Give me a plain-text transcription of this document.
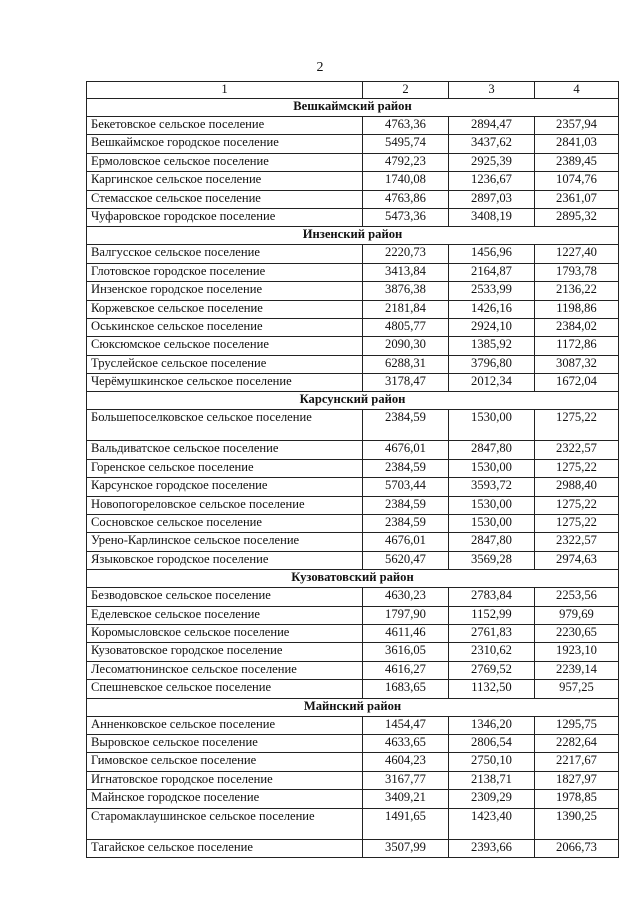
2
1	2	3	4
Вешкаймский район			
Бекетовское сельское поселение	4763,36	2894,47	2357,94
Вешкаймское городское поселение	5495,74	3437,62	2841,03
Ермоловское сельское поселение	4792,23	2925,39	2389,45
Каргинское сельское поселение	1740,08	1236,67	1074,76
Стемасское сельское поселение	4763,86	2897,03	2361,07
Чуфаровское городское поселение	5473,36	3408,19	2895,32
Инзенский район			
Валгусское сельское поселение	2220,73	1456,96	1227,40
Глотовское городское поселение	3413,84	2164,87	1793,78
Инзенское городское поселение	3876,38	2533,99	2136,22
Коржевское сельское поселение	2181,84	1426,16	1198,86
Оськинское сельское поселение	4805,77	2924,10	2384,02
Сюксюмское сельское поселение	2090,30	1385,92	1172,86
Труслейское сельское поселение	6288,31	3796,80	3087,32
Черёмушкинское сельское поселение	3178,47	2012,34	1672,04
Карсунский район			
Большепоселковское сельское поселение	2384,59	1530,00	1275,22
Вальдиватское сельское поселение	4676,01	2847,80	2322,57
Горенское сельское поселение	2384,59	1530,00	1275,22
Карсунское городское поселение	5703,44	3593,72	2988,40
Новопогореловское сельское поселение	2384,59	1530,00	1275,22
Сосновское сельское поселение	2384,59	1530,00	1275,22
Урено-Карлинское сельское поселение	4676,01	2847,80	2322,57
Языковское городское поселение	5620,47	3569,28	2974,63
Кузоватовский район			
Безводовское сельское поселение	4630,23	2783,84	2253,56
Еделевское сельское поселение	1797,90	1152,99	979,69
Коромысловское сельское поселение	4611,46	2761,83	2230,65
Кузоватовское городское поселение	3616,05	2310,62	1923,10
Лесоматюнинское сельское поселение	4616,27	2769,52	2239,14
Спешневское сельское поселение	1683,65	1132,50	957,25
Майнский район			
Анненковское сельское поселение	1454,47	1346,20	1295,75
Выровское сельское поселение	4633,65	2806,54	2282,64
Гимовское сельское поселение	4604,23	2750,10	2217,67
Игнатовское городское поселение	3167,77	2138,71	1827,97
Майнское городское поселение	3409,21	2309,29	1978,85
Старомаклаушинское сельское поселение	1491,65	1423,40	1390,25
Тагайское сельское поселение	3507,99	2393,66	2066,73
